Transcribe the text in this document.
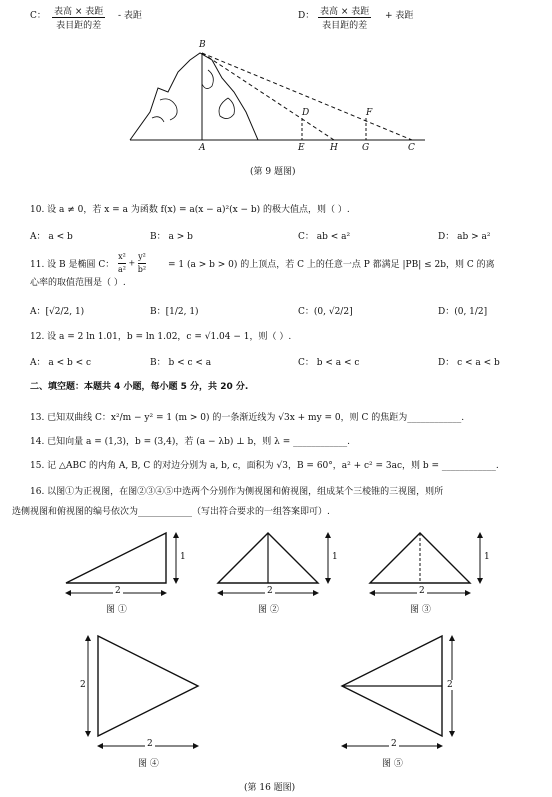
C： 表高 × 表距
表目距的差
- 表距	D： 表高 × 表距
表目距的差
+ 表距
B
A
D
E	H
F
G	C
(第 9 题图)
10. 设 a ≠ 0，若 x = a 为函数 f(x) = a(x − a)²(x − b) 的极大值点，则（ ）.
A： a < b	B： a > b	C： ab < a²	D： ab > a²
11. 设 B 是椭圆 C： $\frac{\text{x²}}{\text{a²}} + \frac{\text{y²}}{\text{b²}} = 1$ (a > b > 0) 的上顶点，若 C 上的任意一点 P 都满足 |PB| ≤ 2b，则 C 的离
心率的取值范围是（ ）.
A：[√2/2, 1)	B：[1/2, 1)	C：(0, √2/2]	D：(0, 1/2]
12. 设 a = 2 ln 1.01，b = ln 1.02，c = √1.04 − 1，则（ ）.
A： a < b < c	B： b < c < a	C： b < a < c	D： c < a < b
二、填空题：本题共 4 小题，每小题 5 分，共 20 分.
13. 已知双曲线 C：x²/m − y² = 1 (m > 0) 的一条渐近线为 √3x + my = 0，则 C 的焦距为____________.
14. 已知向量 a = (1,3)，b = (3,4)，若 (a − λb) ⊥ b，则 λ = ____________.
15. 记 △ABC 的内角 A, B, C 的对边分别为 a, b, c，面积为 √3，B = 60°，a² + c² = 3ac，则 b = ____________.
16. 以图①为正视图，在图②③④⑤中选两个分别作为侧视图和俯视图，组成某个三棱锥的三视图，则所
选侧视图和俯视图的编号依次为____________（写出符合要求的一组答案即可）.
2
1
2
1
2
1
2
2
2
2
图 ①	图 ②	图 ③
图 ④	图 ⑤
(第 16 题图)
